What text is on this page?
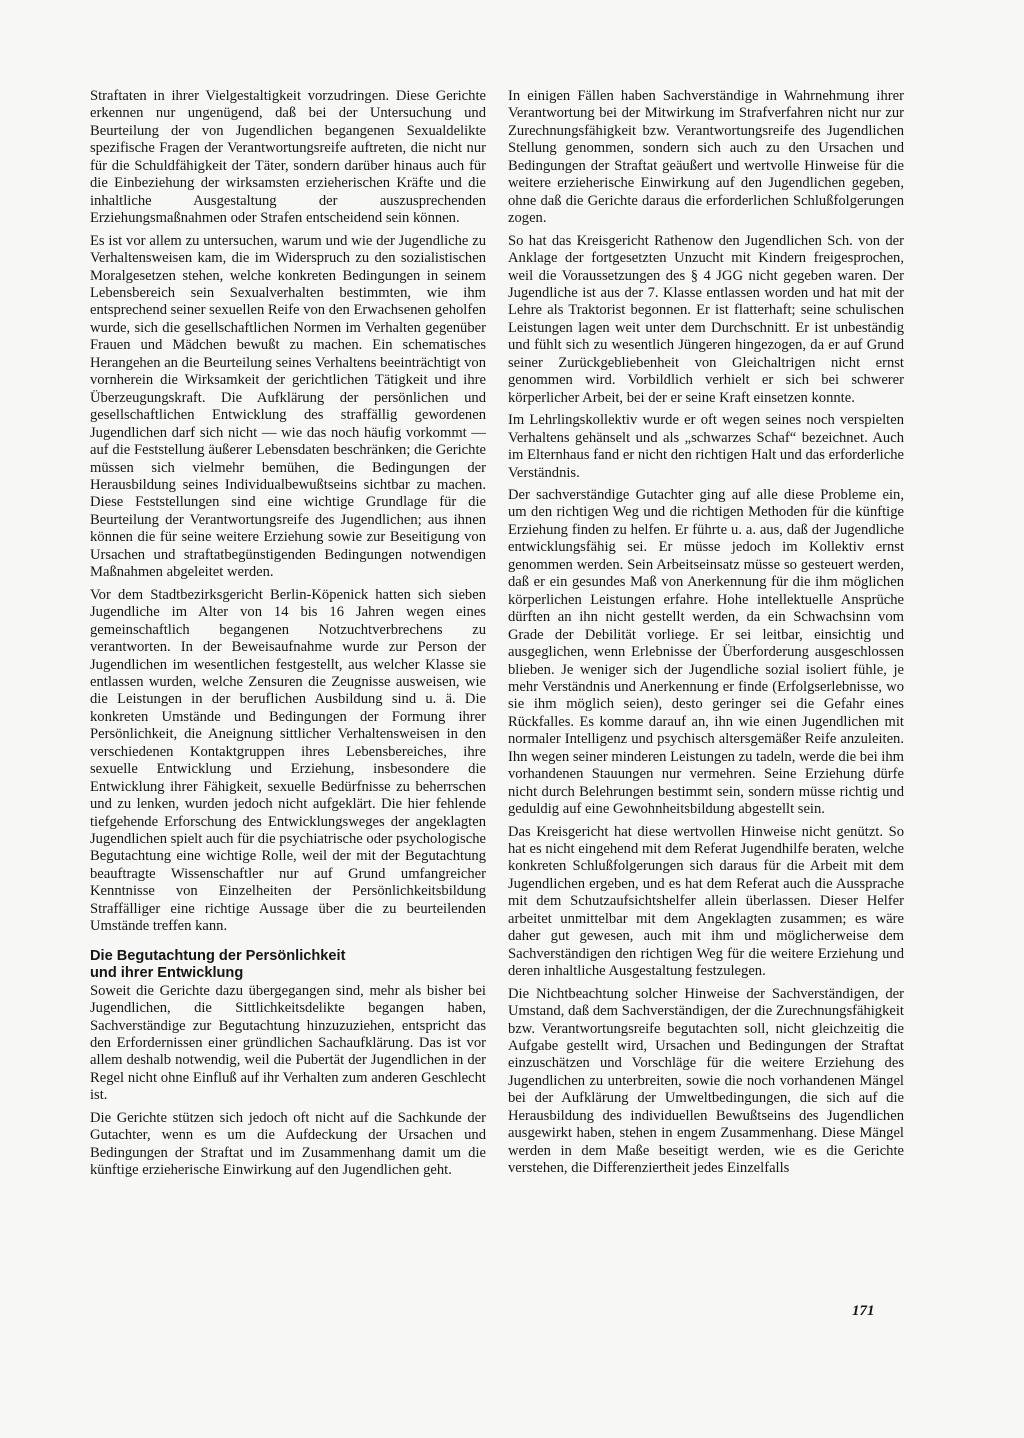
Straftaten in ihrer Vielgestaltigkeit vorzudringen. Diese Gerichte erkennen nur ungenügend, daß bei der Untersuchung und Beurteilung der von Jugendlichen begangenen Sexualdelikte spezifische Fragen der Verantwortungsreife auftreten, die nicht nur für die Schuldfähigkeit der Täter, sondern darüber hinaus auch für die Einbeziehung der wirksamsten erzieherischen Kräfte und die inhaltliche Ausgestaltung der auszusprechenden Erziehungsmaßnahmen oder Strafen entscheidend sein können.

Es ist vor allem zu untersuchen, warum und wie der Jugendliche zu Verhaltensweisen kam, die im Widerspruch zu den sozialistischen Moralgesetzen stehen, welche konkreten Bedingungen in seinem Lebensbereich sein Sexualverhalten bestimmten, wie ihm entsprechend seiner sexuellen Reife von den Erwachsenen geholfen wurde, sich die gesellschaftlichen Normen im Verhalten gegenüber Frauen und Mädchen bewußt zu machen. Ein schematisches Herangehen an die Beurteilung seines Verhaltens beeinträchtigt von vornherein die Wirksamkeit der gerichtlichen Tätigkeit und ihre Überzeugungskraft. Die Aufklärung der persönlichen und gesellschaftlichen Entwicklung des straffällig gewordenen Jugendlichen darf sich nicht — wie das noch häufig vorkommt — auf die Feststellung äußerer Lebensdaten beschränken; die Gerichte müssen sich vielmehr bemühen, die Bedingungen der Herausbildung seines Individualbewußtseins sichtbar zu machen. Diese Feststellungen sind eine wichtige Grundlage für die Beurteilung der Verantwortungsreife des Jugendlichen; aus ihnen können die für seine weitere Erziehung sowie zur Beseitigung von Ursachen und straftatbegünstigenden Bedingungen notwendigen Maßnahmen abgeleitet werden.

Vor dem Stadtbezirksgericht Berlin-Köpenick hatten sich sieben Jugendliche im Alter von 14 bis 16 Jahren wegen eines gemeinschaftlich begangenen Notzuchtverbrechens zu verantworten. In der Beweisaufnahme wurde zur Person der Jugendlichen im wesentlichen festgestellt, aus welcher Klasse sie entlassen wurden, welche Zensuren die Zeugnisse ausweisen, wie die Leistungen in der beruflichen Ausbildung sind u. ä. Die konkreten Umstände und Bedingungen der Formung ihrer Persönlichkeit, die Aneignung sittlicher Verhaltensweisen in den verschiedenen Kontaktgruppen ihres Lebensbereiches, ihre sexuelle Entwicklung und Erziehung, insbesondere die Entwicklung ihrer Fähigkeit, sexuelle Bedürfnisse zu beherrschen und zu lenken, wurden jedoch nicht aufgeklärt. Die hier fehlende tiefgehende Erforschung des Entwicklungsweges der angeklagten Jugendlichen spielt auch für die psychiatrische oder psychologische Begutachtung eine wichtige Rolle, weil der mit der Begutachtung beauftragte Wissenschaftler nur auf Grund umfangreicher Kenntnisse von Einzelheiten der Persönlichkeitsbildung Straffälliger eine richtige Aussage über die zu beurteilenden Umstände treffen kann.

Die Begutachtung der Persönlichkeit
und ihrer Entwicklung

Soweit die Gerichte dazu übergegangen sind, mehr als bisher bei Jugendlichen, die Sittlichkeitsdelikte begangen haben, Sachverständige zur Begutachtung hinzuzuziehen, entspricht das den Erfordernissen einer gründlichen Sachaufklärung. Das ist vor allem deshalb notwendig, weil die Pubertät der Jugendlichen in der Regel nicht ohne Einfluß auf ihr Verhalten zum anderen Geschlecht ist.

Die Gerichte stützen sich jedoch oft nicht auf die Sachkunde der Gutachter, wenn es um die Aufdeckung der Ursachen und Bedingungen der Straftat und im Zusammenhang damit um die künftige erzieherische Einwirkung auf den Jugendlichen geht.

In einigen Fällen haben Sachverständige in Wahrnehmung ihrer Verantwortung bei der Mitwirkung im Strafverfahren nicht nur zur Zurechnungsfähigkeit bzw. Verantwortungsreife des Jugendlichen Stellung genommen, sondern sich auch zu den Ursachen und Bedingungen der Straftat geäußert und wertvolle Hinweise für die weitere erzieherische Einwirkung auf den Jugendlichen gegeben, ohne daß die Gerichte daraus die erforderlichen Schlußfolgerungen zogen.

So hat das Kreisgericht Rathenow den Jugendlichen Sch. von der Anklage der fortgesetzten Unzucht mit Kindern freigesprochen, weil die Voraussetzungen des § 4 JGG nicht gegeben waren. Der Jugendliche ist aus der 7. Klasse entlassen worden und hat mit der Lehre als Traktorist begonnen. Er ist flatterhaft; seine schulischen Leistungen lagen weit unter dem Durchschnitt. Er ist unbeständig und fühlt sich zu wesentlich Jüngeren hingezogen, da er auf Grund seiner Zurückgebliebenheit von Gleichaltrigen nicht ernst genommen wird. Vorbildlich verhielt er sich bei schwerer körperlicher Arbeit, bei der er seine Kraft einsetzen konnte.

Im Lehrlingskollektiv wurde er oft wegen seines noch verspielten Verhaltens gehänselt und als „schwarzes Schaf“ bezeichnet. Auch im Elternhaus fand er nicht den richtigen Halt und das erforderliche Verständnis.

Der sachverständige Gutachter ging auf alle diese Probleme ein, um den richtigen Weg und die richtigen Methoden für die künftige Erziehung finden zu helfen. Er führte u. a. aus, daß der Jugendliche entwicklungsfähig sei. Er müsse jedoch im Kollektiv ernst genommen werden. Sein Arbeitseinsatz müsse so gesteuert werden, daß er ein gesundes Maß von Anerkennung für die ihm möglichen körperlichen Leistungen erfahre. Hohe intellektuelle Ansprüche dürften an ihn nicht gestellt werden, da ein Schwachsinn vom Grade der Debilität vorliege. Er sei leitbar, einsichtig und ausgeglichen, wenn Erlebnisse der Überforderung ausgeschlossen blieben. Je weniger sich der Jugendliche sozial isoliert fühle, je mehr Verständnis und Anerkennung er finde (Erfolgserlebnisse, wo sie ihm möglich seien), desto geringer sei die Gefahr eines Rückfalles. Es komme darauf an, ihn wie einen Jugendlichen mit normaler Intelligenz und psychisch altersgemäßer Reife anzuleiten. Ihn wegen seiner minderen Leistungen zu tadeln, werde die bei ihm vorhandenen Stauungen nur vermehren. Seine Erziehung dürfe nicht durch Belehrungen bestimmt sein, sondern müsse richtig und geduldig auf eine Gewohnheitsbildung abgestellt sein.

Das Kreisgericht hat diese wertvollen Hinweise nicht genützt. So hat es nicht eingehend mit dem Referat Jugendhilfe beraten, welche konkreten Schlußfolgerungen sich daraus für die Arbeit mit dem Jugendlichen ergeben, und es hat dem Referat auch die Aussprache mit dem Schutzaufsichtshelfer allein überlassen. Dieser Helfer arbeitet unmittelbar mit dem Angeklagten zusammen; es wäre daher gut gewesen, auch mit ihm und möglicherweise dem Sachverständigen den richtigen Weg für die weitere Erziehung und deren inhaltliche Ausgestaltung festzulegen.

Die Nichtbeachtung solcher Hinweise der Sachverständigen, der Umstand, daß dem Sachverständigen, der die Zurechnungsfähigkeit bzw. Verantwortungsreife begutachten soll, nicht gleichzeitig die Aufgabe gestellt wird, Ursachen und Bedingungen der Straftat einzuschätzen und Vorschläge für die weitere Erziehung des Jugendlichen zu unterbreiten, sowie die noch vorhandenen Mängel bei der Aufklärung der Umweltbedingungen, die sich auf die Herausbildung des individuellen Bewußtseins des Jugendlichen ausgewirkt haben, stehen in engem Zusammenhang. Diese Mängel werden in dem Maße beseitigt werden, wie es die Gerichte verstehen, die Differenziertheit jedes Einzelfalls

171
